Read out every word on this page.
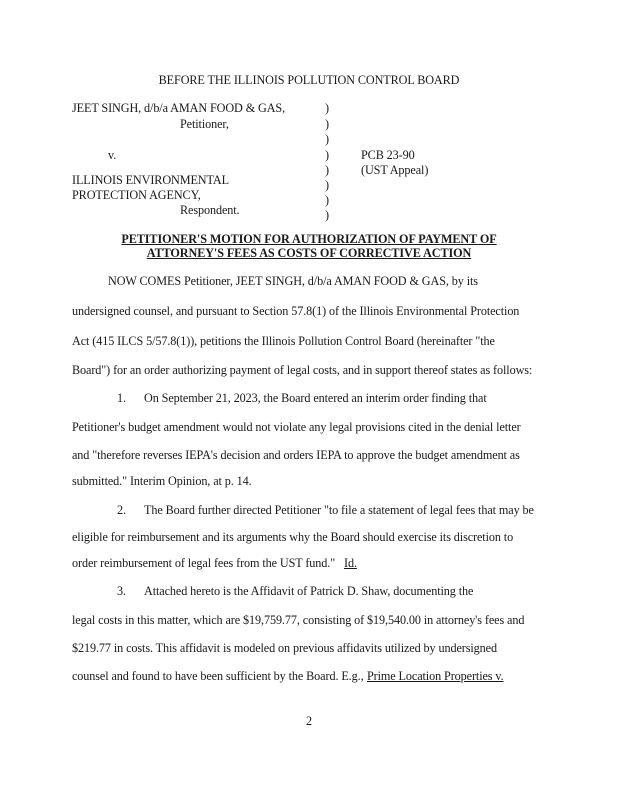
BEFORE THE ILLINOIS POLLUTION CONTROL BOARD
JEET SINGH, d/b/a AMAN FOOD & GAS,
Petitioner,
v.
ILLINOIS ENVIRONMENTAL
PROTECTION AGENCY,
Respondent.
)
)
)
)
)
)
)
)
PCB 23-90
(UST Appeal)
PETITIONER'S MOTION FOR AUTHORIZATION OF PAYMENT OF
ATTORNEY'S FEES AS COSTS OF CORRECTIVE ACTION
NOW COMES Petitioner, JEET SINGH, d/b/a AMAN FOOD & GAS, by its
undersigned counsel, and pursuant to Section 57.8(1) of the Illinois Environmental Protection
Act (415 ILCS 5/57.8(1)), petitions the Illinois Pollution Control Board (hereinafter "the
Board") for an order authorizing payment of legal costs, and in support thereof states as follows:
1. On September 21, 2023, the Board entered an interim order finding that
Petitioner's budget amendment would not violate any legal provisions cited in the denial letter
and "therefore reverses IEPA's decision and orders IEPA to approve the budget amendment as
submitted." Interim Opinion, at p. 14.
2. The Board further directed Petitioner "to file a statement of legal fees that may be
eligible for reimbursement and its arguments why the Board should exercise its discretion to
order reimbursement of legal fees from the UST fund." Id.
3. Attached hereto is the Affidavit of Patrick D. Shaw, documenting the
legal costs in this matter, which are $19,759.77, consisting of $19,540.00 in attorney's fees and
$219.77 in costs. This affidavit is modeled on previous affidavits utilized by undersigned
counsel and found to have been sufficient by the Board. E.g., Prime Location Properties v.
2
